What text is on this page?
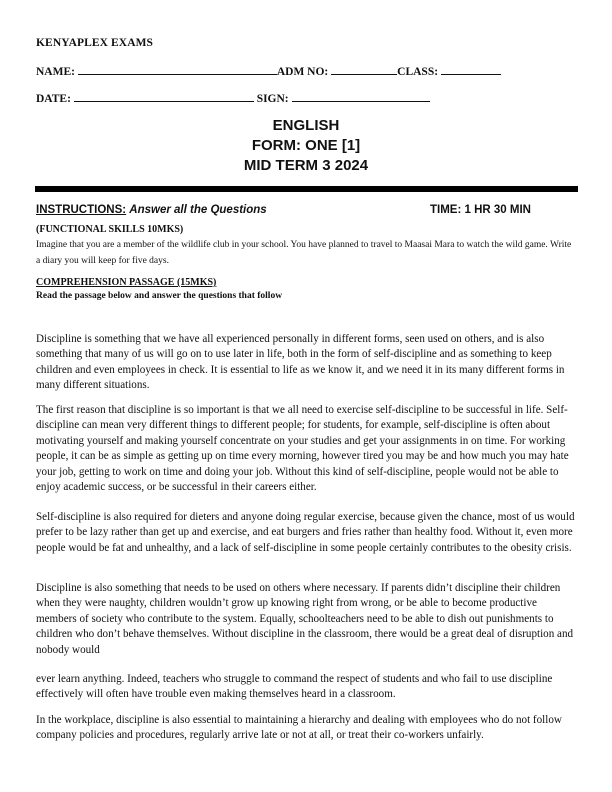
KENYAPLEX EXAMS
NAME:	ADM NO:	CLASS:
DATE:	SIGN:
ENGLISH
FORM: ONE [1]
MID TERM 3 2024
INSTRUCTIONS: Answer all the Questions	TIME: 1 HR 30 MIN
(FUNCTIONAL SKILLS 10MKS)
Imagine that you are a member of the wildlife club in your school. You have planned to travel to Maasai Mara to watch the wild game. Write a diary you will keep for five days.
COMPREHENSION PASSAGE (15MKS)
Read the passage below and answer the questions that follow
Discipline is something that we have all experienced personally in different forms, seen used on others, and is also something that many of us will go on to use later in life, both in the form of self-discipline and as something to keep children and even employees in check. It is essential to life as we know it, and we need it in its many different forms in many different situations.
The first reason that discipline is so important is that we all need to exercise self-discipline to be successful in life. Self-discipline can mean very different things to different people; for students, for example, self-discipline is often about motivating yourself and making yourself concentrate on your studies and get your assignments in on time. For working people, it can be as simple as getting up on time every morning, however tired you may be and how much you may hate your job, getting to work on time and doing your job. Without this kind of self-discipline, people would not be able to enjoy academic success, or be successful in their careers either.
Self-discipline is also required for dieters and anyone doing regular exercise, because given the chance, most of us would prefer to be lazy rather than get up and exercise, and eat burgers and fries rather than healthy food. Without it, even more people would be fat and unhealthy, and a lack of self-discipline in some people certainly contributes to the obesity crisis.
Discipline is also something that needs to be used on others where necessary. If parents didn’t discipline their children when they were naughty, children wouldn’t grow up knowing right from wrong, or be able to become productive members of society who contribute to the system. Equally, schoolteachers need to be able to dish out punishments to children who don’t behave themselves. Without discipline in the classroom, there would be a great deal of disruption and nobody would
ever learn anything. Indeed, teachers who struggle to command the respect of students and who fail to use discipline effectively will often have trouble even making themselves heard in a classroom.
In the workplace, discipline is also essential to maintaining a hierarchy and dealing with employees who do not follow company policies and procedures, regularly arrive late or not at all, or treat their co-workers unfairly.
